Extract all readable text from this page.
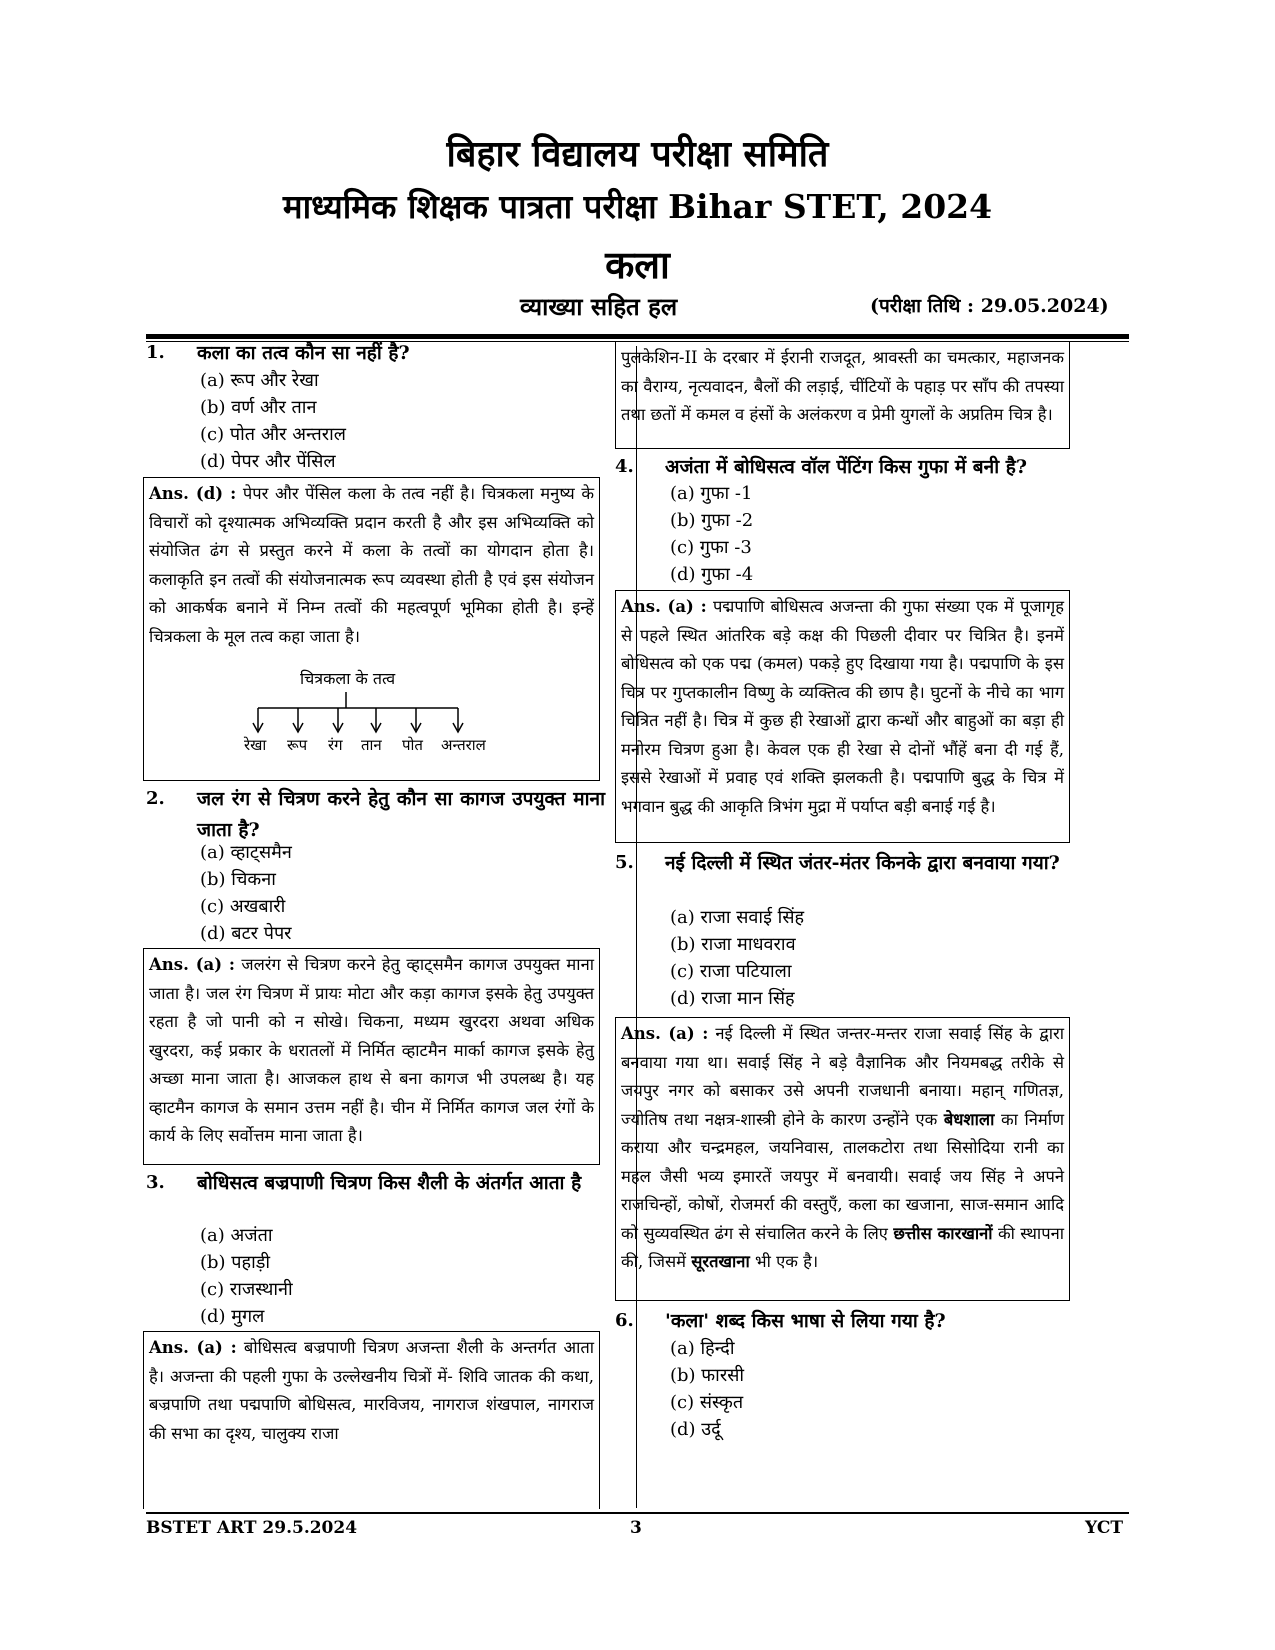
बिहार विद्यालय परीक्षा समिति
माध्यमिक शिक्षक पात्रता परीक्षा Bihar STET, 2024
कला
व्याख्या सहित हल	(परीक्षा तिथि : 29.05.2024)
1. कला का तत्व कौन सा नहीं है?
(a) रूप और रेखा
(b) वर्ण और तान
(c) पोत और अन्तराल
(d) पेपर और पेंसिल
Ans. (d) : पेपर और पेंसिल कला के तत्व नहीं है। चित्रकला मनुष्य के विचारों को दृश्यात्मक अभिव्यक्ति प्रदान करती है और इस अभिव्यक्ति को संयोजित ढंग से प्रस्तुत करने में कला के तत्वों का योगदान होता है। कलाकृति इन तत्वों की संयोजनात्मक रूप व्यवस्था होती है एवं इस संयोजन को आकर्षक बनाने में निम्न तत्वों की महत्वपूर्ण भूमिका होती है। इन्हें चित्रकला के मूल तत्व कहा जाता है।
चित्रकला के तत्व
रेखा रूप रंग तान पोत अन्तराल
2. जल रंग से चित्रण करने हेतु कौन सा कागज उपयुक्त माना जाता है?
(a) व्हाट्समैन
(b) चिकना
(c) अखबारी
(d) बटर पेपर
Ans. (a) : जलरंग से चित्रण करने हेतु व्हाट्समैन कागज उपयुक्त माना जाता है। जल रंग चित्रण में प्रायः मोटा और कड़ा कागज इसके हेतु उपयुक्त रहता है जो पानी को न सोखे। चिकना, मध्यम खुरदरा अथवा अधिक खुरदरा, कई प्रकार के धरातलों में निर्मित व्हाटमैन मार्का कागज इसके हेतु अच्छा माना जाता है। आजकल हाथ से बना कागज भी उपलब्ध है। यह व्हाटमैन कागज के समान उत्तम नहीं है। चीन में निर्मित कागज जल रंगों के कार्य के लिए सर्वोत्तम माना जाता है।
3. बोधिसत्व बज्रपाणी चित्रण किस शैली के अंतर्गत आता है
(a) अजंता
(b) पहाड़ी
(c) राजस्थानी
(d) मुगल
Ans. (a) : बोधिसत्व बज्रपाणी चित्रण अजन्ता शैली के अन्तर्गत आता है। अजन्ता की पहली गुफा के उल्लेखनीय चित्रों में- शिवि जातक की कथा, बज्रपाणि तथा पद्मपाणि बोधिसत्व, मारविजय, नागराज शंखपाल, नागराज की सभा का दृश्य, चालुक्य राजा
पुलकेशिन-II के दरबार में ईरानी राजदूत, श्रावस्ती का चमत्कार, महाजनक का वैराग्य, नृत्यवादन, बैलों की लड़ाई, चींटियों के पहाड़ पर साँप की तपस्या तथा छतों में कमल व हंसों के अलंकरण व प्रेमी युगलों के अप्रतिम चित्र है।
4. अजंता में बोधिसत्व वॉल पेंटिंग किस गुफा में बनी है?
(a) गुफा -1
(b) गुफा -2
(c) गुफा -3
(d) गुफा -4
Ans. (a) : पद्मपाणि बोधिसत्व अजन्ता की गुफा संख्या एक में पूजागृह से पहले स्थित आंतरिक बड़े कक्ष की पिछली दीवार पर चित्रित है। इनमें बोधिसत्व को एक पद्म (कमल) पकड़े हुए दिखाया गया है। पद्मपाणि के इस चित्र पर गुप्तकालीन विष्णु के व्यक्तित्व की छाप है। घुटनों के नीचे का भाग चित्रित नहीं है। चित्र में कुछ ही रेखाओं द्वारा कन्धों और बाहुओं का बड़ा ही मनोरम चित्रण हुआ है। केवल एक ही रेखा से दोनों भौंहें बना दी गई हैं, इससे रेखाओं में प्रवाह एवं शक्ति झलकती है। पद्मपाणि बुद्ध के चित्र में भगवान बुद्ध की आकृति त्रिभंग मुद्रा में पर्याप्त बड़ी बनाई गई है।
5. नई दिल्ली में स्थित जंतर-मंतर किनके द्वारा बनवाया गया?
(a) राजा सवाई सिंह
(b) राजा माधवराव
(c) राजा पटियाला
(d) राजा मान सिंह
Ans. (a) : नई दिल्ली में स्थित जन्तर-मन्तर राजा सवाई सिंह के द्वारा बनवाया गया था। सवाई सिंह ने बड़े वैज्ञानिक और नियमबद्ध तरीके से जयपुर नगर को बसाकर उसे अपनी राजधानी बनाया। महान् गणितज्ञ, ज्योतिष तथा नक्षत्र-शास्त्री होने के कारण उन्होंने एक बेधशाला का निर्माण कराया और चन्द्रमहल, जयनिवास, तालकटोरा तथा सिसोदिया रानी का महल जैसी भव्य इमारतें जयपुर में बनवायी। सवाई जय सिंह ने अपने राजचिन्हों, कोषों, रोजमर्रा की वस्तुएँ, कला का खजाना, साज-समान आदि को सुव्यवस्थित ढंग से संचालित करने के लिए छत्तीस कारखानों की स्थापना की, जिसमें सूरतखाना भी एक है।
6. 'कला' शब्द किस भाषा से लिया गया है?
(a) हिन्दी
(b) फारसी
(c) संस्कृत
(d) उर्दू
BSTET ART 29.5.2024	3	YCT
